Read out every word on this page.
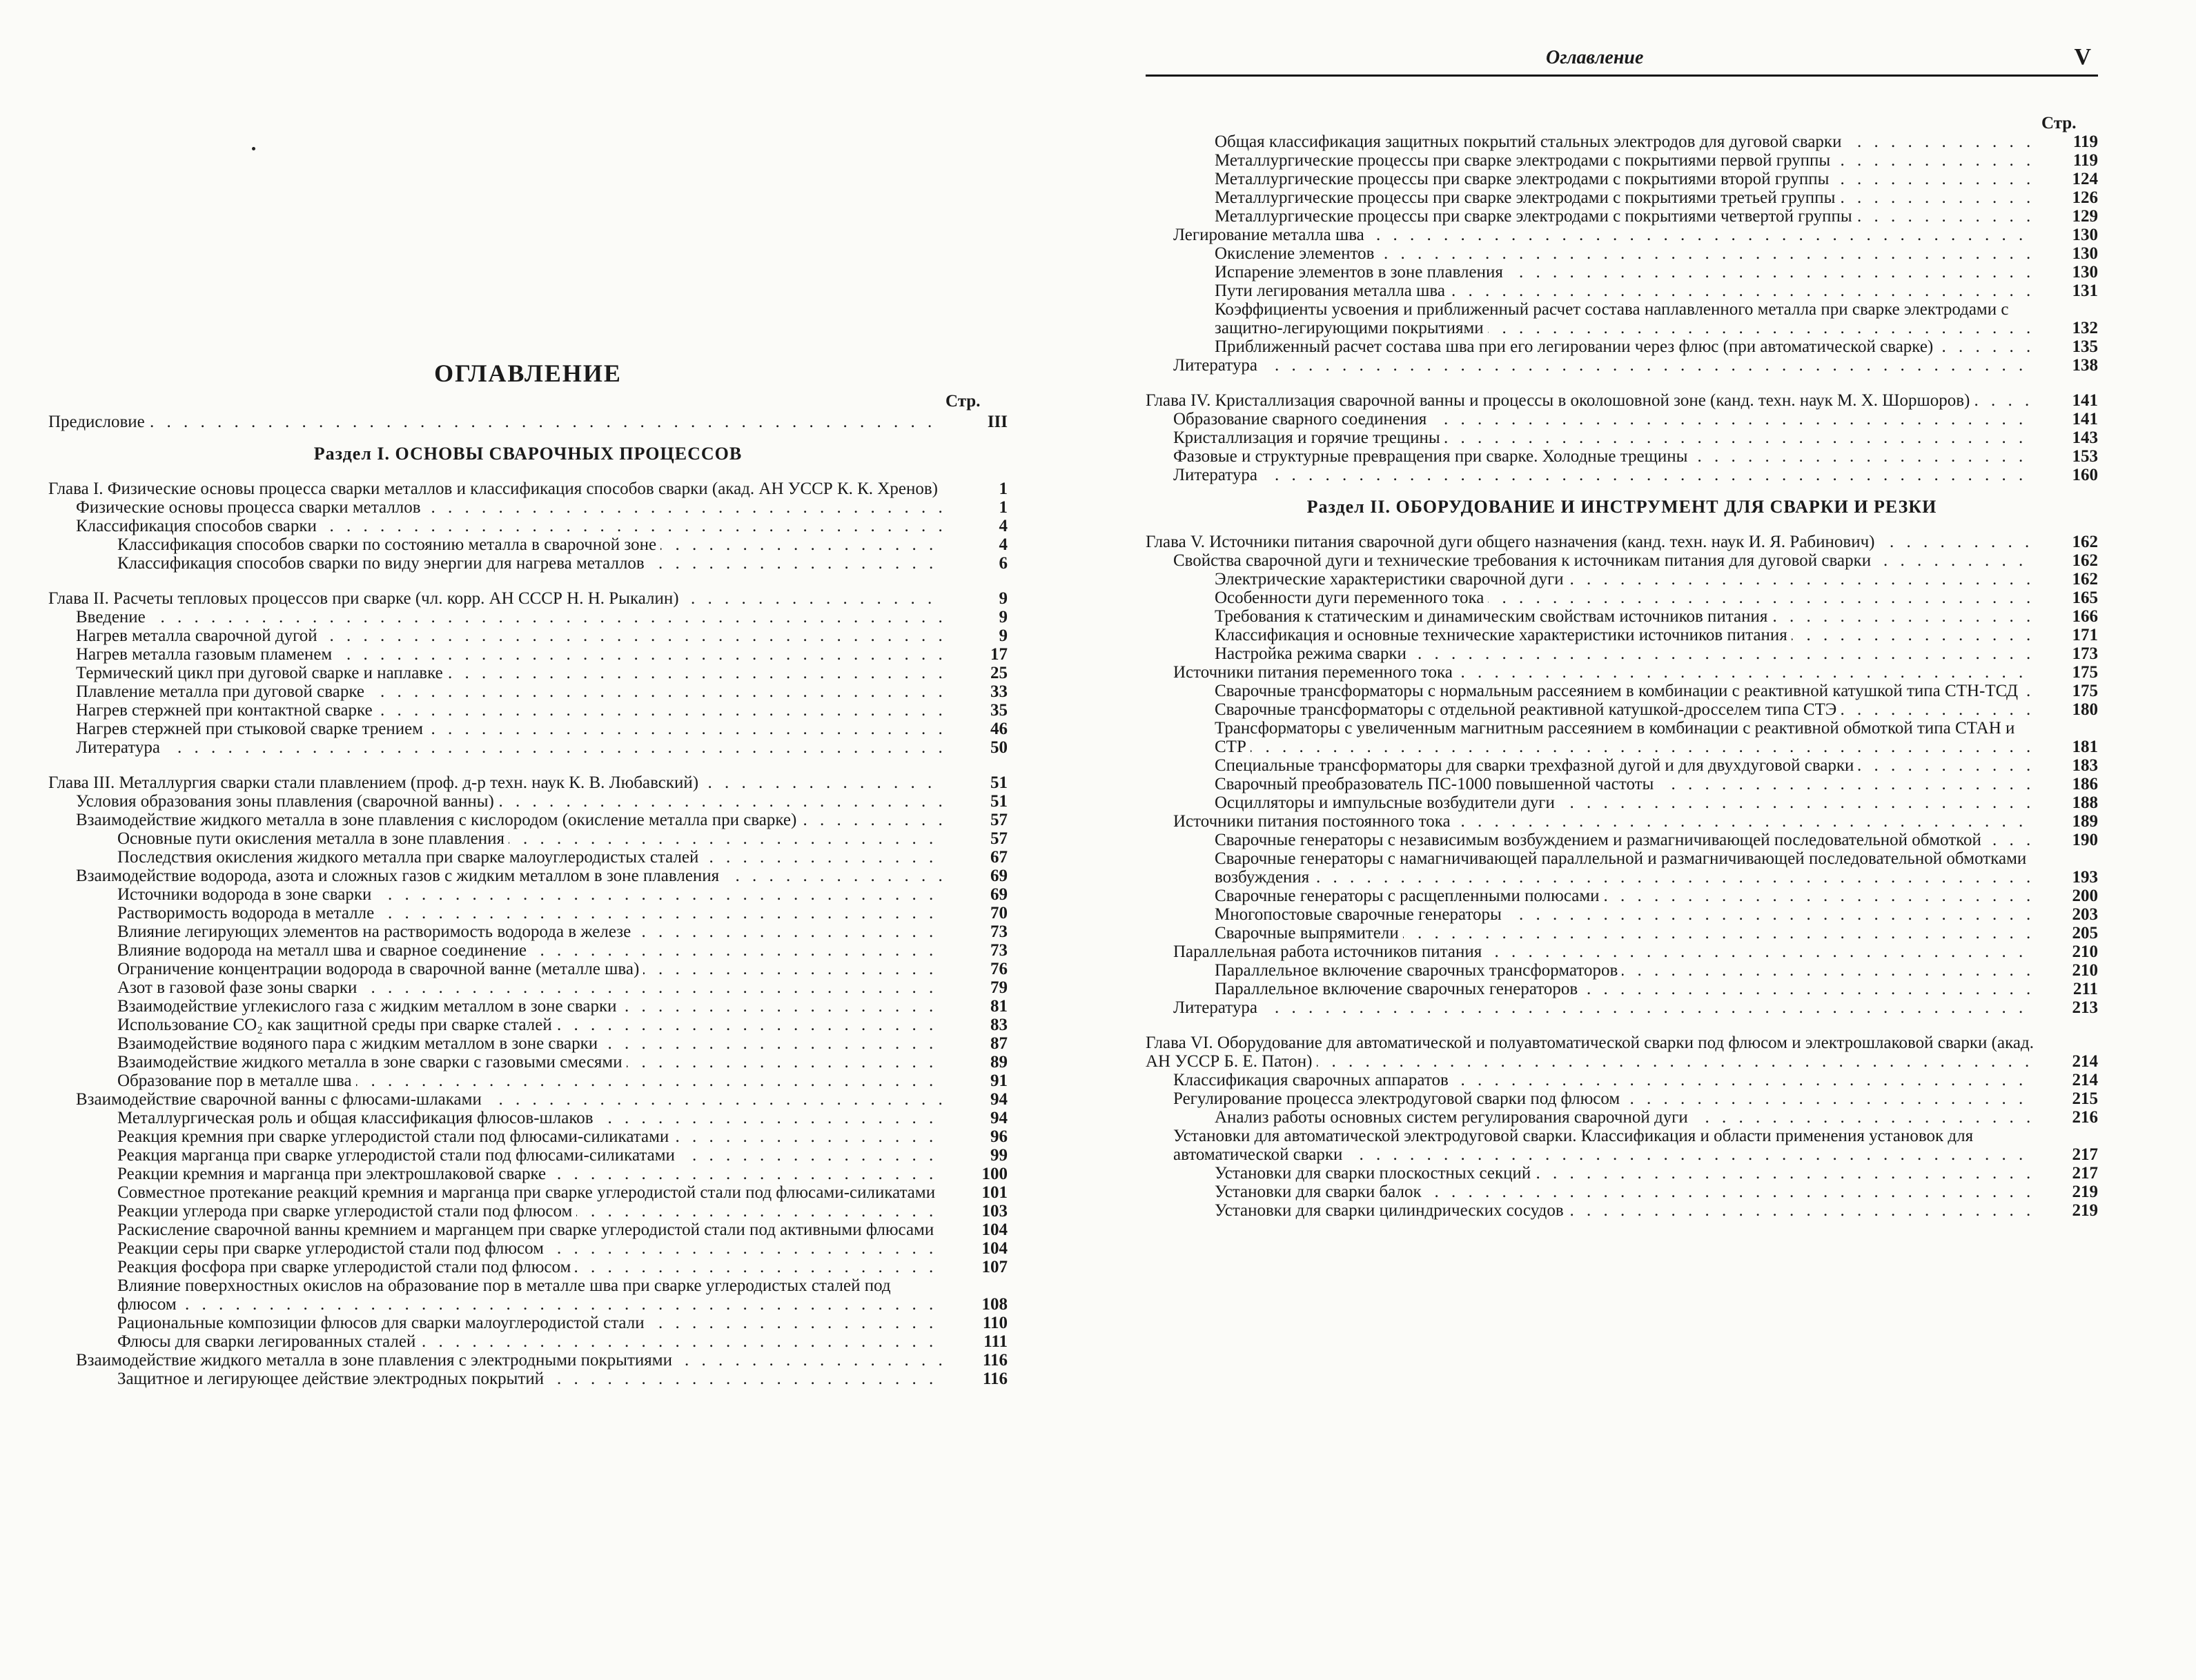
ОГЛАВЛЕНИЕ
Стр.
Предисловие . . .	III
Раздел I. ОСНОВЫ СВАРОЧНЫХ ПРОЦЕССОВ
Глава I. Физические основы процесса сварки металлов и классификация способов сварки (акад. АН УССР К. К. Хренов) . . .	1
Физические основы процесса сварки металлов . . .	1
Классификация способов сварки . . .	4
Классификация способов сварки по состоянию металла в сварочной зоне . . .	4
Классификация способов сварки по виду энергии для нагрева металлов . . .	6
Глава II. Расчеты тепловых процессов при сварке (чл. корр. АН СССР Н. Н. Рыкалин) . . .	9
Введение . . .	9
Нагрев металла сварочной дугой . . .	9
Нагрев металла газовым пламенем . . .	17
Термический цикл при дуговой сварке и наплавке . . .	25
Плавление металла при дуговой сварке . . .	33
Нагрев стержней при контактной сварке . . .	35
Нагрев стержней при стыковой сварке трением . . .	46
Литература . . .	50
Глава III. Металлургия сварки стали плавлением (проф. д-р техн. наук К. В. Любавский) . . .	51
Условия образования зоны плавления (сварочной ванны) . . .	51
Взаимодействие жидкого металла в зоне плавления с кислородом (окисление металла при сварке) . . .	57
Основные пути окисления металла в зоне плавления . . .	57
Последствия окисления жидкого металла при сварке малоуглеродистых сталей . . .	67
Взаимодействие водорода, азота и сложных газов с жидким металлом в зоне плавления . . .	69
Источники водорода в зоне сварки . . .	69
Растворимость водорода в металле . . .	70
Влияние легирующих элементов на растворимость водорода в железе . . .	73
Влияние водорода на металл шва и сварное соединение . . .	73
Ограничение концентрации водорода в сварочной ванне (металле шва) . . .	76
Азот в газовой фазе зоны сварки . . .	79
Взаимодействие углекислого газа с жидким металлом в зоне сварки . . .	81
Использование CO₂ как защитной среды при сварке сталей . . .	83
Взаимодействие водяного пара с жидким металлом в зоне сварки . . .	87
Взаимодействие жидкого металла в зоне сварки с газовыми смесями . . .	89
Образование пор в металле шва . . .	91
Взаимодействие сварочной ванны с флюсами-шлаками . . .	94
Металлургическая роль и общая классификация флюсов-шлаков . . .	94
Реакция кремния при сварке углеродистой стали под флюсами-силикатами . . .	96
Реакция марганца при сварке углеродистой стали под флюсами-силикатами . . .	99
Реакции кремния и марганца при электрошлаковой сварке . . .	100
Совместное протекание реакций кремния и марганца при сварке углеродистой стали под флюсами-силикатами . . .	101
Реакции углерода при сварке углеродистой стали под флюсом . . .	103
Раскисление сварочной ванны кремнием и марганцем при сварке углеродистой стали под активными флюсами . . .	104
Реакции серы при сварке углеродистой стали под флюсом . . .	104
Реакция фосфора при сварке углеродистой стали под флюсом . . .	107
Влияние поверхностных окислов на образование пор в металле шва при сварке углеродистых сталей под флюсом . . .	108
Рациональные композиции флюсов для сварки малоуглеродистой стали . . .	110
Флюсы для сварки легированных сталей . . .	111
Взаимодействие жидкого металла в зоне плавления с электродными покрытиями . . .	116
Защитное и легирующее действие электродных покрытий . . .	116
Оглавление	V
Стр.
Общая классификация защитных покрытий стальных электродов для дуговой сварки . . .	119
Металлургические процессы при сварке электродами с покрытиями первой группы . . .	119
Металлургические процессы при сварке электродами с покрытиями второй группы . . .	124
Металлургические процессы при сварке электродами с покрытиями третьей группы . . .	126
Металлургические процессы при сварке электродами с покрытиями четвертой группы . . .	129
Легирование металла шва . . .	130
Окисление элементов . . .	130
Испарение элементов в зоне плавления . . .	130
Пути легирования металла шва . . .	131
Коэффициенты усвоения и приближенный расчет состава наплавленного металла при сварке электродами с защитно-легирующими покрытиями . . .	132
Приближенный расчет состава шва при его легировании через флюс (при автоматической сварке) . . .	135
Литература . . .	138
Глава IV. Кристаллизация сварочной ванны и процессы в околошовной зоне (канд. техн. наук М. Х. Шоршоров) . . .	141
Образование сварного соединения . . .	141
Кристаллизация и горячие трещины . . .	143
Фазовые и структурные превращения при сварке. Холодные трещины . . .	153
Литература . . .	160
Раздел II. ОБОРУДОВАНИЕ И ИНСТРУМЕНТ ДЛЯ СВАРКИ И РЕЗКИ
Глава V. Источники питания сварочной дуги общего назначения (канд. техн. наук И. Я. Рабинович) . . .	162
Свойства сварочной дуги и технические требования к источникам питания для дуговой сварки . . .	162
Электрические характеристики сварочной дуги . . .	162
Особенности дуги переменного тока . . .	165
Требования к статическим и динамическим свойствам источников питания . . .	166
Классификация и основные технические характеристики источников питания . . .	171
Настройка режима сварки . . .	173
Источники питания переменного тока . . .	175
Сварочные трансформаторы с нормальным рассеянием в комбинации с реактивной катушкой типа СТН-ТСД . . .	175
Сварочные трансформаторы с отдельной реактивной катушкой-дросселем типа СТЭ . . .	180
Трансформаторы с увеличенным магнитным рассеянием в комбинации с реактивной обмоткой типа СТАН и СТР . . .	181
Специальные трансформаторы для сварки трехфазной дугой и для двухдуговой сварки . . .	183
Сварочный преобразователь ПС-1000 повышенной частоты . . .	186
Осцилляторы и импульсные возбудители дуги . . .	188
Источники питания постоянного тока . . .	189
Сварочные генераторы с независимым возбуждением и размагничивающей последовательной обмоткой . . .	190
Сварочные генераторы с намагничивающей параллельной и размагничивающей последовательной обмотками возбуждения . . .	193
Сварочные генераторы с расщепленными полюсами . . .	200
Многопостовые сварочные генераторы . . .	203
Сварочные выпрямители . . .	205
Параллельная работа источников питания . . .	210
Параллельное включение сварочных трансформаторов . . .	210
Параллельное включение сварочных генераторов . . .	211
Литература . . .	213
Глава VI. Оборудование для автоматической и полуавтоматической сварки под флюсом и электрошлаковой сварки (акад. АН УССР Б. Е. Патон) . . .	214
Классификация сварочных аппаратов . . .	214
Регулирование процесса электродуговой сварки под флюсом . . .	215
Анализ работы основных систем регулирования сварочной дуги . . .	216
Установки для автоматической электродуговой сварки. Классификация и области применения установок для автоматической сварки . . .	217
Установки для сварки плоскостных секций . . .	217
Установки для сварки балок . . .	219
Установки для сварки цилиндрических сосудов . . .	219
